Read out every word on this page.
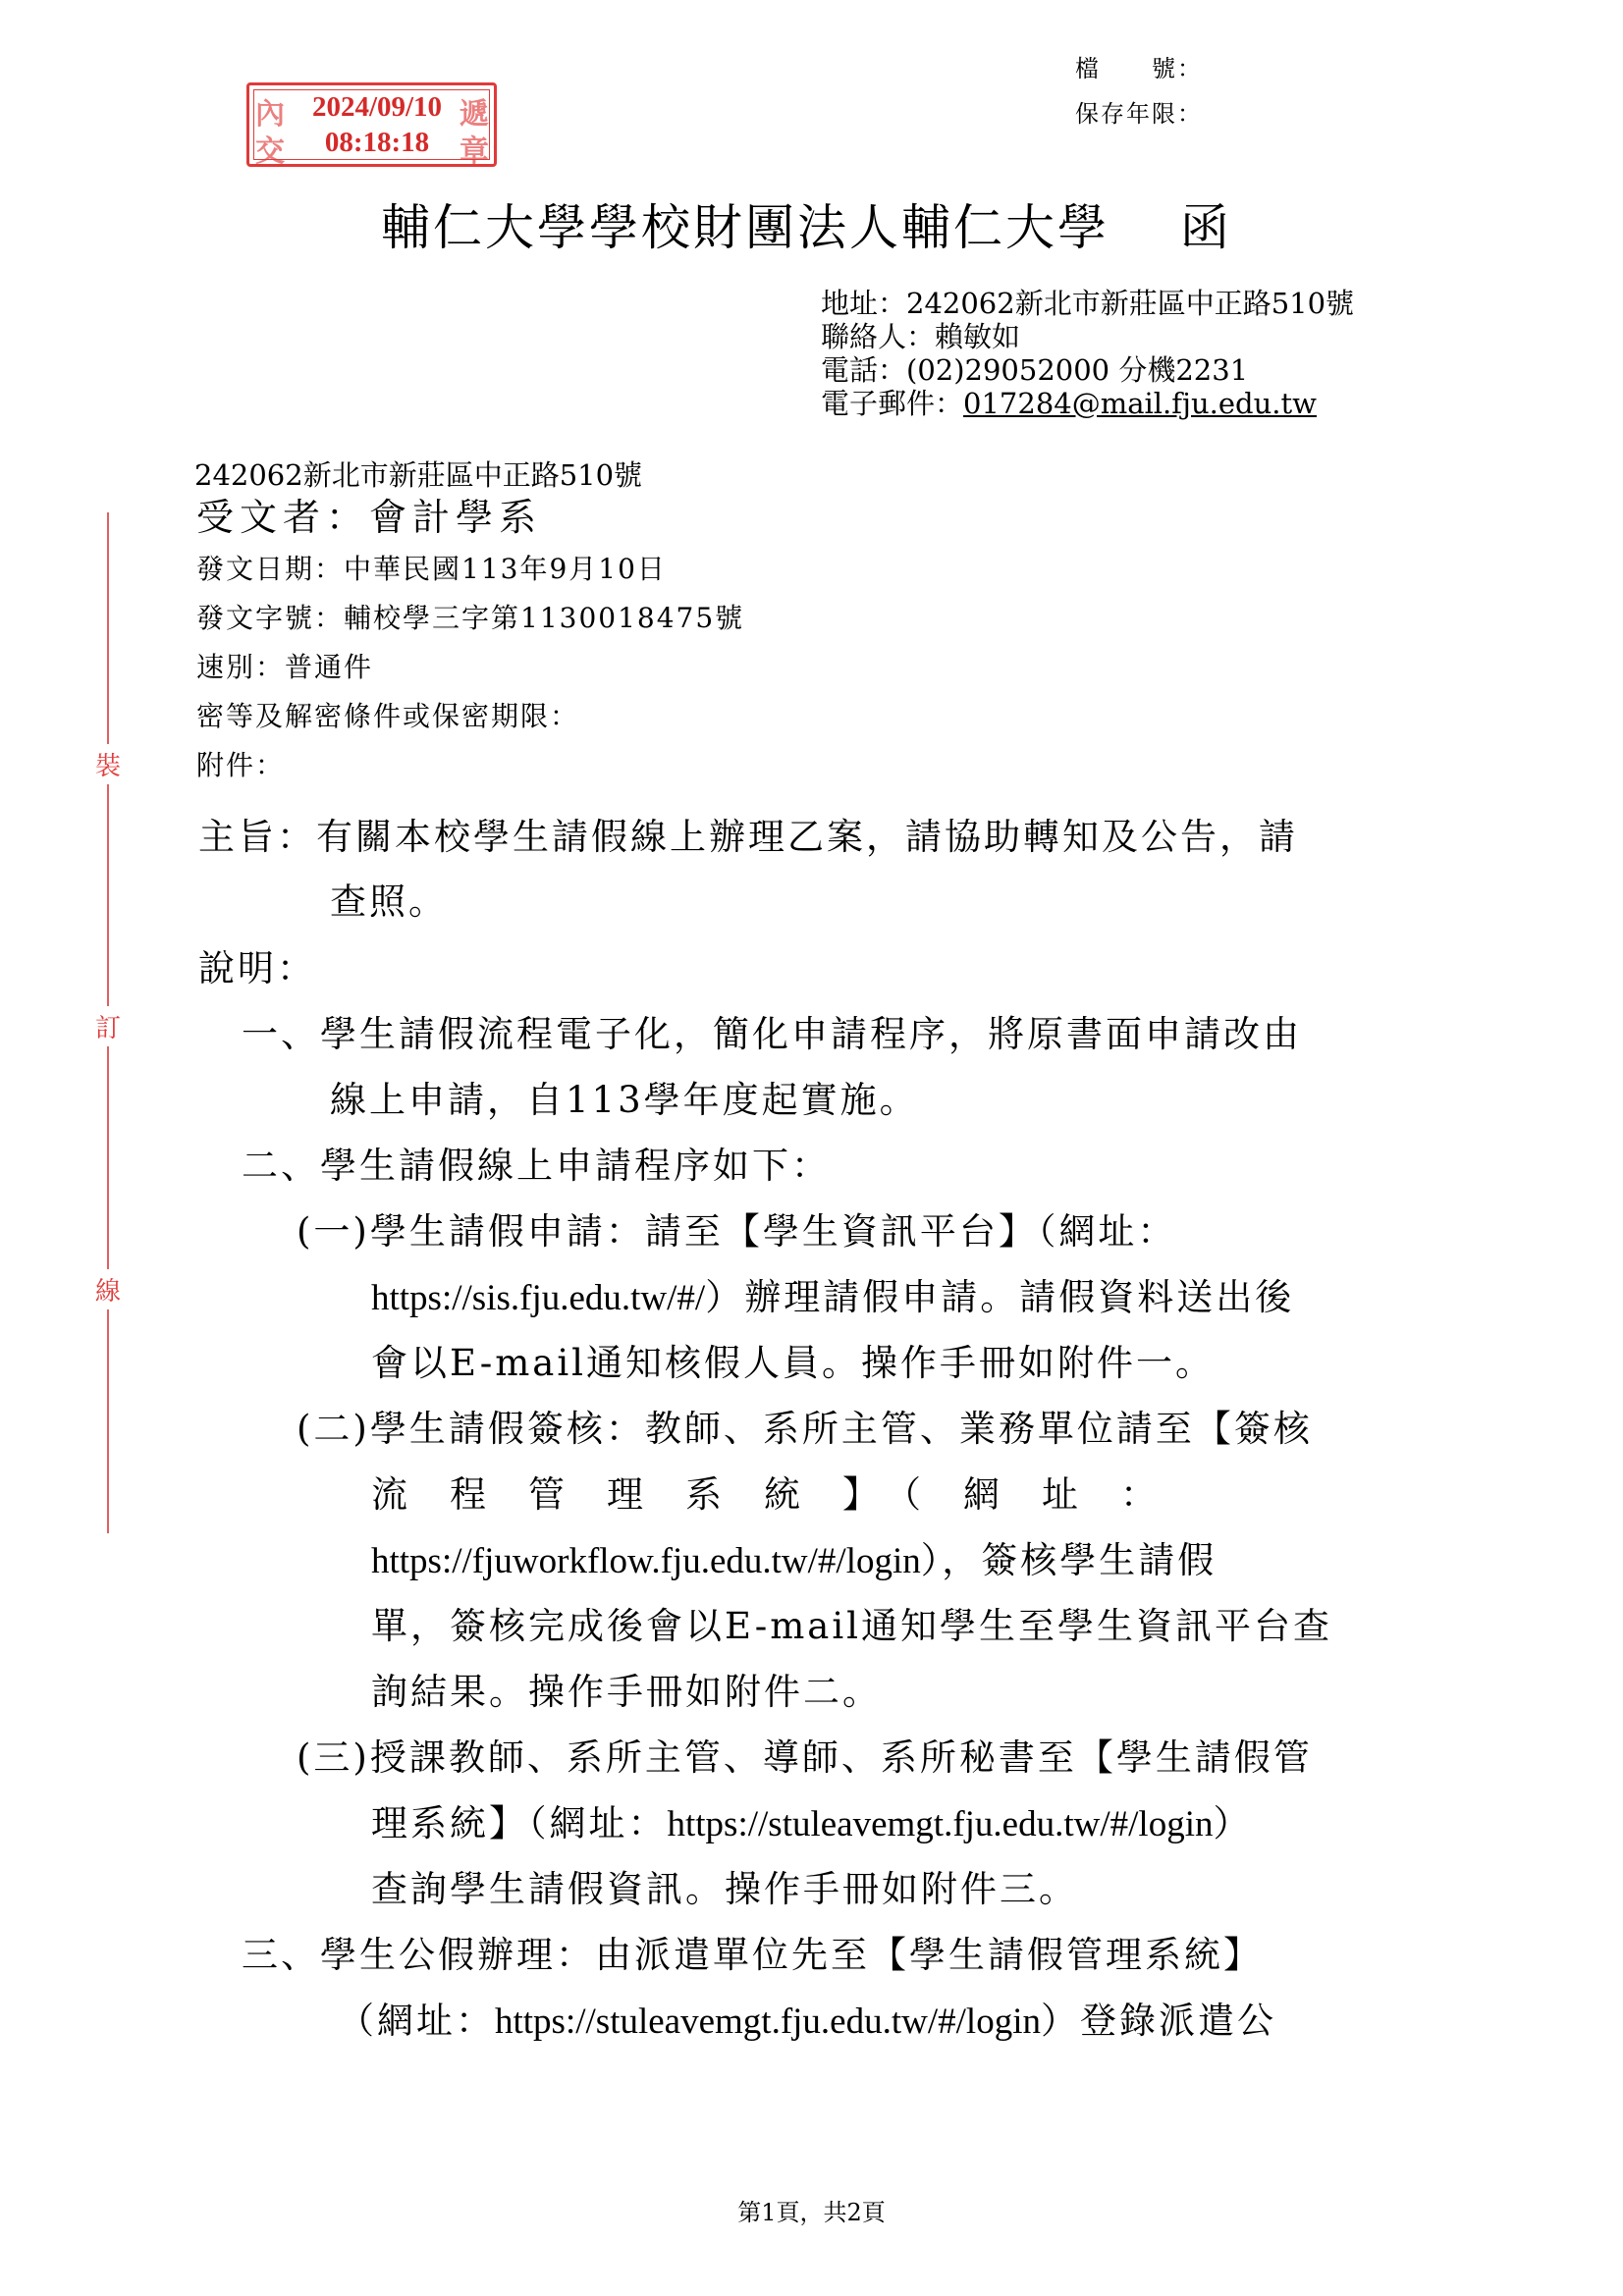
檔　　號：
保存年限：
內
交
遞
章
2024/09/10
08:18:18
輔仁大學學校財團法人輔仁大學　 函
地址：242062新北市新莊區中正路510號
聯絡人：賴敏如
電話：(02)29052000 分機2231
電子郵件：017284@mail.fju.edu.tw
242062新北市新莊區中正路510號
受文者：會計學系
發文日期：中華民國113年9月10日
發文字號：輔校學三字第1130018475號
速別：普通件
密等及解密條件或保密期限：
附件：
裝
訂
線
主旨：有關本校學生請假線上辦理乙案，請協助轉知及公告，請
查照。
說明：
一、學生請假流程電子化，簡化申請程序，將原書面申請改由
線上申請，自113學年度起實施。
二、學生請假線上申請程序如下：
(一)學生請假申請：請至【學生資訊平台】（網址：
https://sis.fju.edu.tw/#/）辦理請假申請。請假資料送出後
會以E-mail通知核假人員。操作手冊如附件一。
(二)學生請假簽核：教師、系所主管、業務單位請至【簽核
流　程　管　理　系　統　】　（　網　址　：
https://fjuworkflow.fju.edu.tw/#/login），簽核學生請假
單，簽核完成後會以E-mail通知學生至學生資訊平台查
詢結果。操作手冊如附件二。
(三)授課教師、系所主管、導師、系所秘書至【學生請假管
理系統】（網址：https://stuleavemgt.fju.edu.tw/#/login）
查詢學生請假資訊。操作手冊如附件三。
三、學生公假辦理：由派遣單位先至【學生請假管理系統】
（網址：https://stuleavemgt.fju.edu.tw/#/login）登錄派遣公
第1頁，共2頁
